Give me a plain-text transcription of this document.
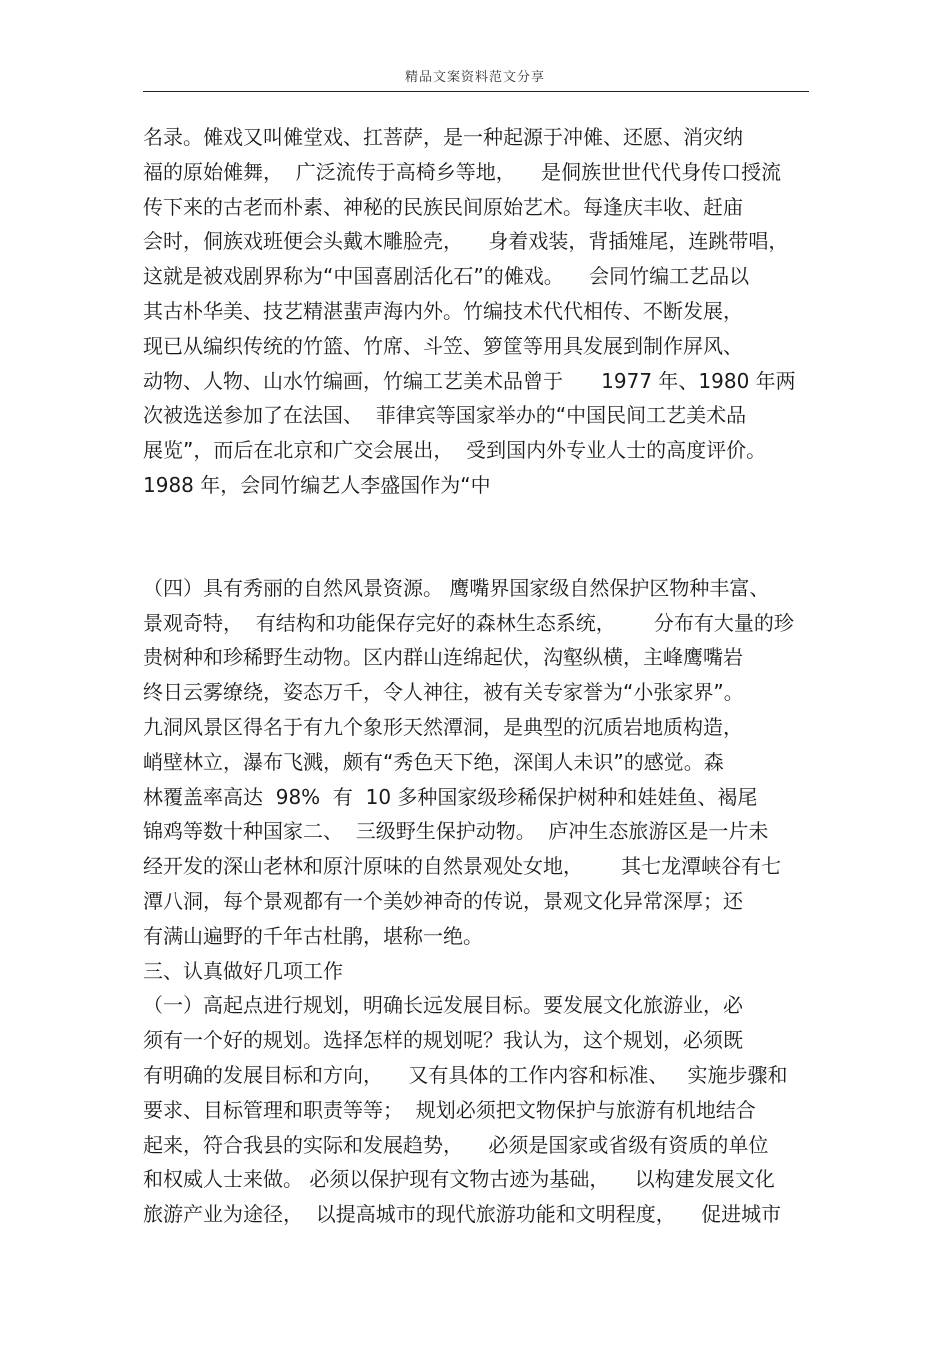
精品文案资料范文分享
名录。傩戏又叫傩堂戏、扛菩萨，是一种起源于冲傩、还愿、消灾纳
福的原始傩舞，  广泛流传于高椅乡等地，    是侗族世世代代身传口授流
传下来的古老而朴素、神秘的民族民间原始艺术。每逢庆丰收、赶庙
会时，侗族戏班便会头戴木雕脸壳，    身着戏装，背插雉尾，连跳带唱，
这就是被戏剧界称为“中国喜剧活化石”的傩戏。    会同竹编工艺品以
其古朴华美、技艺精湛蜚声海内外。竹编技术代代相传、不断发展，
现已从编织传统的竹篮、竹席、斗笠、箩筐等用具发展到制作屏风、
动物、人物、山水竹编画，竹编工艺美术品曾于      1977 年、1980 年两
次被选送参加了在法国、  菲律宾等国家举办的“中国民间工艺美术品
展览”，而后在北京和广交会展出，  受到国内外专业人士的高度评价。
1988 年，会同竹编艺人李盛国作为“中
（四）具有秀丽的自然风景资源。 鹰嘴界国家级自然保护区物种丰富、
景观奇特，  有结构和功能保存完好的森林生态系统，      分布有大量的珍
贵树种和珍稀野生动物。区内群山连绵起伏，沟壑纵横，主峰鹰嘴岩
终日云雾缭绕，姿态万千，令人神往，被有关专家誉为“小张家界”。
九洞风景区得名于有九个象形天然潭洞，是典型的沉质岩地质构造，
峭壁林立，瀑布飞溅，颇有“秀色天下绝，深闺人未识”的感觉。森
林覆盖率高达  98%  有  10 多种国家级珍稀保护树种和娃娃鱼、褐尾
锦鸡等数十种国家二、  三级野生保护动物。  庐冲生态旅游区是一片未
经开发的深山老林和原汁原味的自然景观处女地，      其七龙潭峡谷有七
潭八洞，每个景观都有一个美妙神奇的传说，景观文化异常深厚；还
有满山遍野的千年古杜鹃，堪称一绝。
三、认真做好几项工作
（一）高起点进行规划，明确长远发展目标。要发展文化旅游业，必
须有一个好的规划。选择怎样的规划呢？我认为，这个规划，必须既
有明确的发展目标和方向，    又有具体的工作内容和标准、   实施步骤和
要求、目标管理和职责等等；  规划必须把文物保护与旅游有机地结合
起来，符合我县的实际和发展趋势，    必须是国家或省级有资质的单位
和权威人士来做。 必须以保护现有文物古迹为基础，    以构建发展文化
旅游产业为途径，  以提高城市的现代旅游功能和文明程度，    促进城市
